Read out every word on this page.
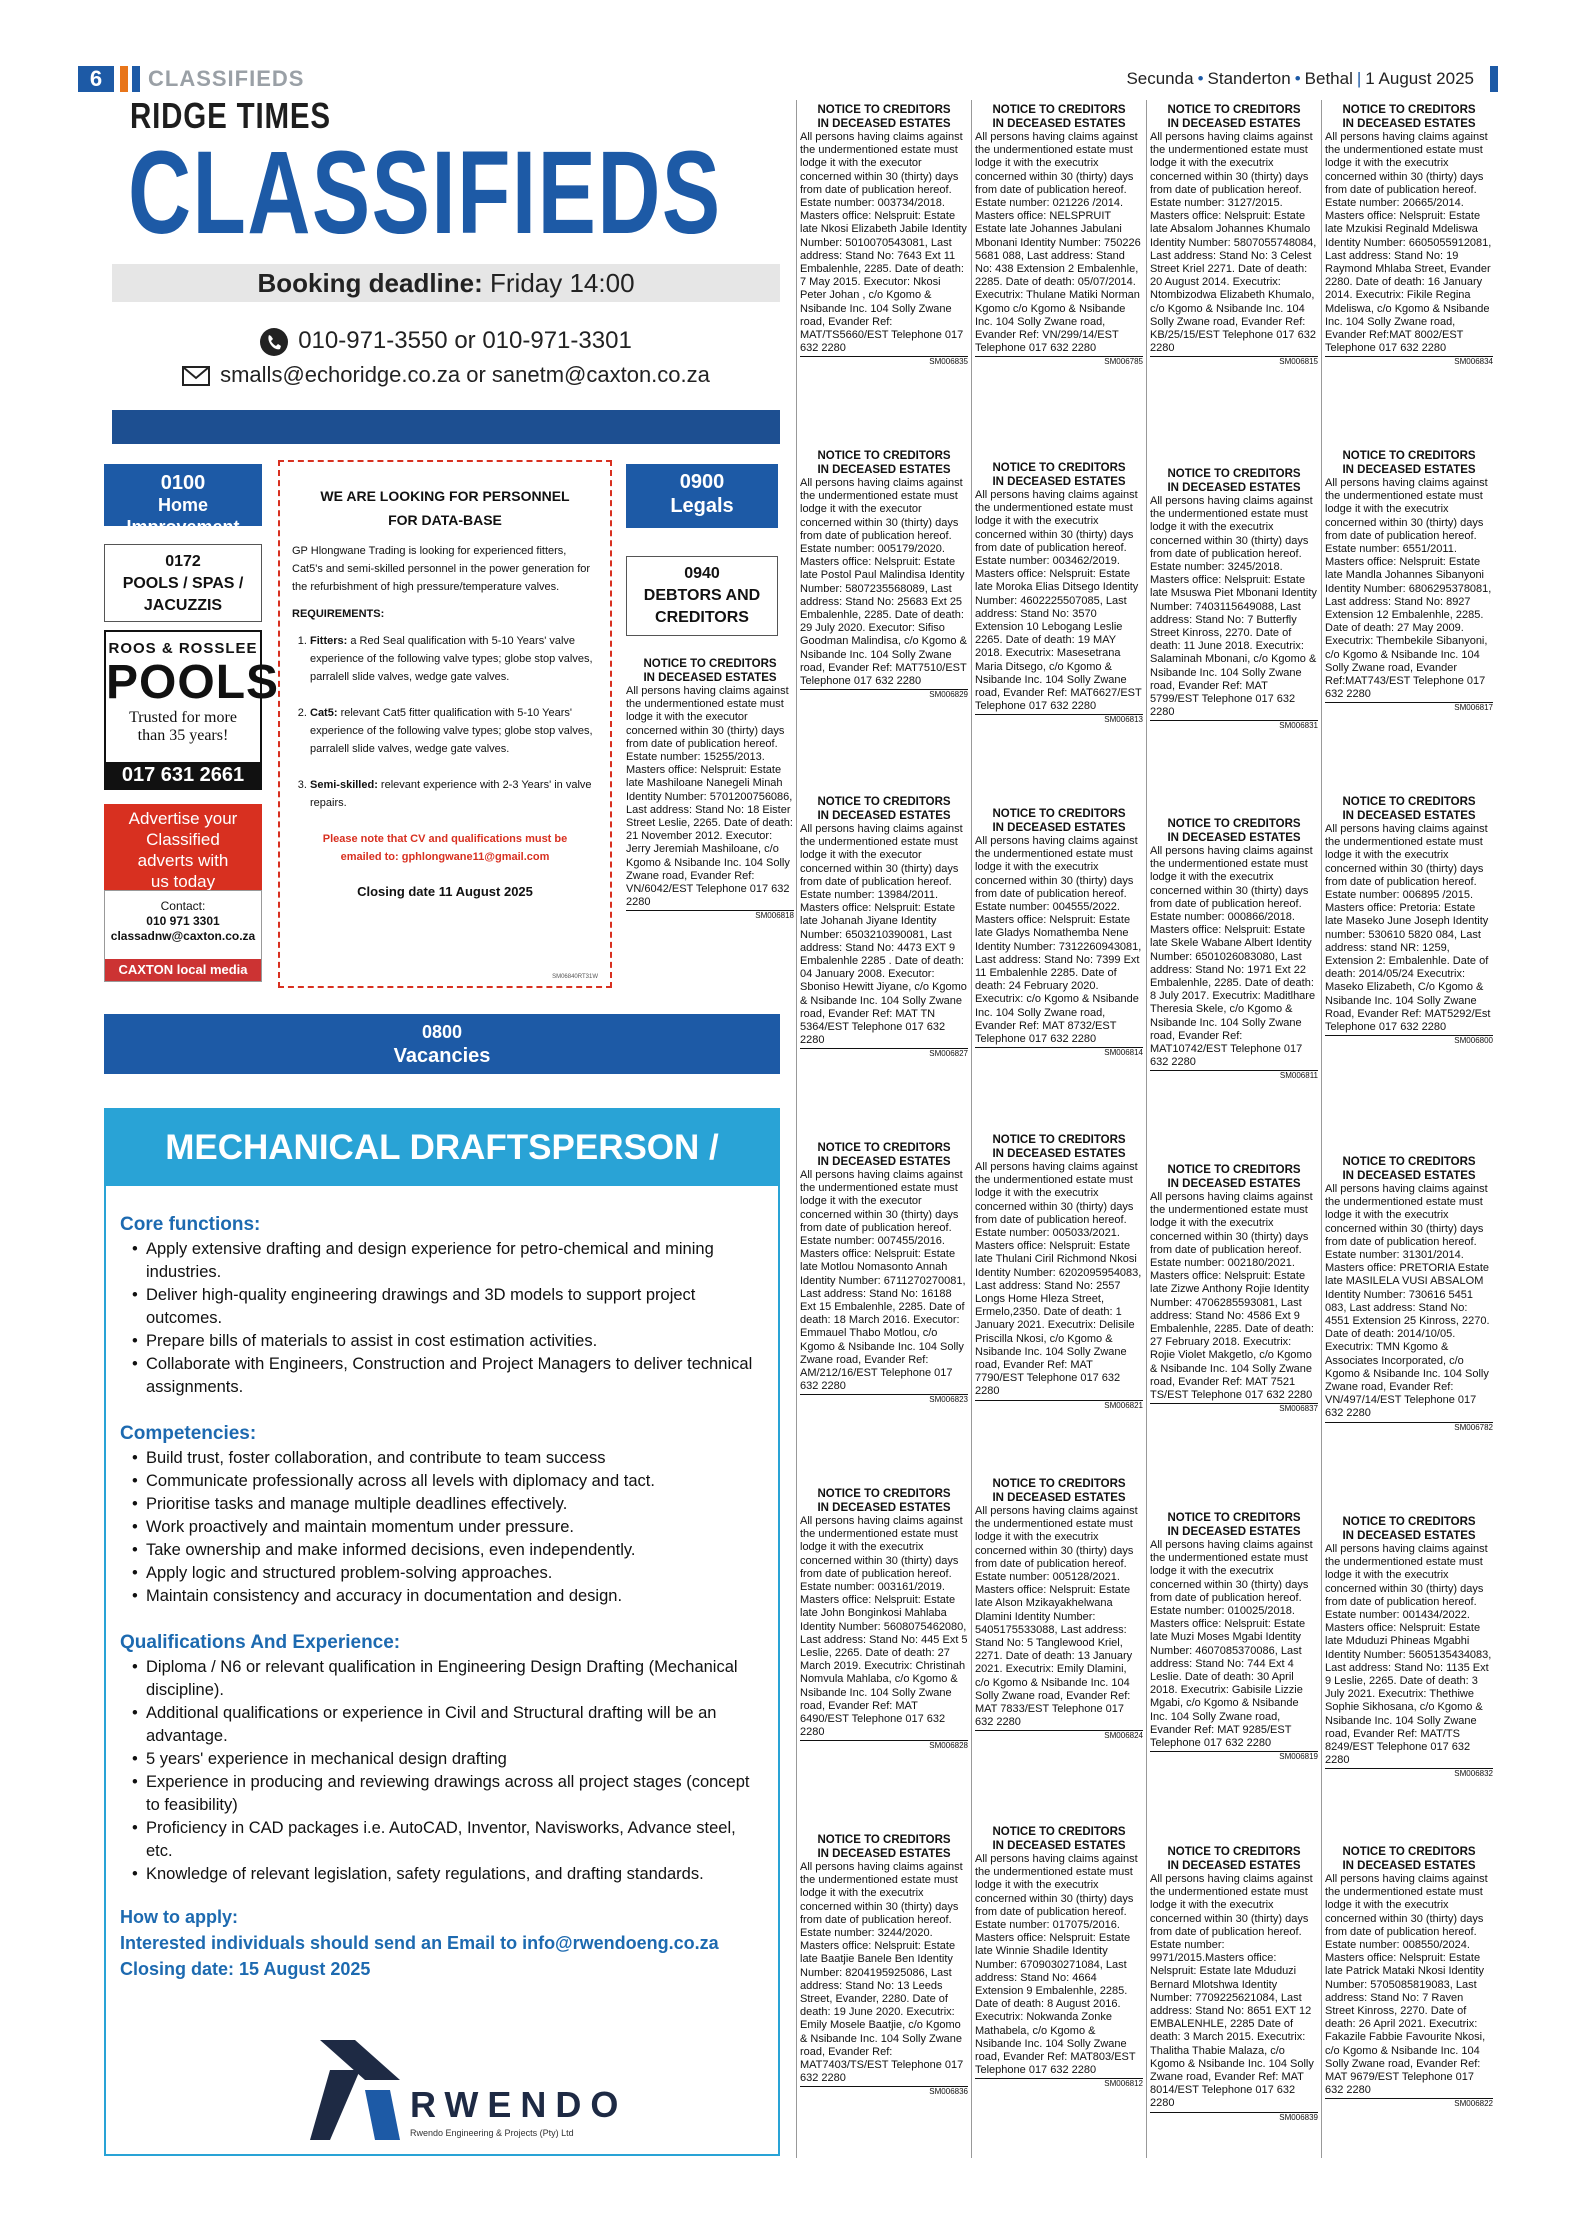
6	CLASSIFIEDS	Secunda • Standerton • Bethal | 1 August 2025
RIDGE TIMES
CLASSIFIEDS
Booking deadline: Friday 14:00
010-971-3550 or 010-971-3301
smalls@echoridge.co.za or sanetm@caxton.co.za
0100
Home Improvement
0172
POOLS / SPAS /
JACUZZIS
ROOS & ROSSLEE
POOLS
Trusted for more
than 35 years!
017 631 2661
Advertise your
Classified
adverts with
us today
Contact:
010 971 3301
classadnw@caxton.co.za
CAXTON local media
WE ARE LOOKING FOR PERSONNEL
FOR DATA-BASE

GP Hlongwane Trading is looking for experienced fitters, Cat5's and semi-skilled personnel in the power generation for the refurbishment of high pressure/temperature valves.

REQUIREMENTS:
1. Fitters: a Red Seal qualification with 5-10 Years' valve experience of the following valve types; globe stop valves, parralell slide valves, wedge gate valves.
2. Cat5: relevant Cat5 fitter qualification with 5-10 Years' experience of the following valve types; globe stop valves, parralell slide valves, wedge gate valves.
3. Semi-skilled: relevant experience with 2-3 Years' in valve repairs.
Please note that CV and qualifications must be
emailed to: gphlongwane11@gmail.com
Closing date 11 August 2025
SM06840RT31W
0900
Legals
0940
DEBTORS AND
CREDITORS
0800
Vacancies
MECHANICAL DRAFTSPERSON / DESIGNER
Core functions:
• Apply extensive drafting and design experience for petro-chemical and mining industries.
• Deliver high-quality engineering drawings and 3D models to support project outcomes.
• Prepare bills of materials to assist in cost estimation activities.
• Collaborate with Engineers, Construction and Project Managers to deliver technical assignments.
Competencies:
• Build trust, foster collaboration, and contribute to team success
• Communicate professionally across all levels with diplomacy and tact.
• Prioritise tasks and manage multiple deadlines effectively.
• Work proactively and maintain momentum under pressure.
• Take ownership and make informed decisions, even independently.
• Apply logic and structured problem-solving approaches.
• Maintain consistency and accuracy in documentation and design.
Qualifications And Experience:
• Diploma / N6 or relevant qualification in Engineering Design Drafting (Mechanical discipline).
• Additional qualifications or experience in Civil and Structural drafting will be an advantage.
• 5 years' experience in mechanical design drafting
• Experience in producing and reviewing drawings across all project stages (concept to feasibility)
• Proficiency in CAD packages i.e. AutoCAD, Inventor, Navisworks, Advance steel, etc.
• Knowledge of relevant legislation, safety regulations, and drafting standards.
How to apply:
Interested individuals should send an Email to info@rwendoeng.co.za
Closing date: 15 August 2025
RWENDO
Rwendo Engineering & Projects (Pty) Ltd
NOTICE TO CREDITORS
IN DECEASED ESTATES
All persons having claims against the undermentioned estate must lodge it with the executor concerned within 30 (thirty) days from date of publication hereof. Estate number: 15255/2013. Masters office: Nelspruit: Estate late Mashiloane Nanegeli Minah Identity Number: 5701200756086, Last address: Stand No: 18 Eister Street Leslie, 2265. Date of death: 21 November 2012. Executor: Jerry Jeremiah Mashiloane, c/o Kgomo & Nsibande Inc. 104 Solly Zwane road, Evander Ref: VN/6042/EST Telephone 017 632 2280
SM006818
NOTICE TO CREDITORS
IN DECEASED ESTATES
All persons having claims against the undermentioned estate must lodge it with the executor concerned within 30 (thirty) days from date of publication hereof. Estate number: 003734/2018. Masters office: Nelspruit: Estate late Nkosi Elizabeth Jabile Identity Number: 5010070543081, Last address: Stand No: 7643 Ext 11 Embalenhle, 2285. Date of death: 7 May 2015. Executor: Nkosi Peter Johan , c/o Kgomo & Nsibande Inc. 104 Solly Zwane road, Evander Ref: MAT/TS5660/EST Telephone 017 632 2280
SM006835
NOTICE TO CREDITORS
IN DECEASED ESTATES
All persons having claims against the undermentioned estate must lodge it with the executor concerned within 30 (thirty) days from date of publication hereof. Estate number: 005179/2020. Masters office: Nelspruit: Estate late Postol Paul Malindisa Identity Number: 5807235568089, Last address: Stand No: 25683 Ext 25 Embalenhle, 2285. Date of death: 29 July 2020. Executor: Sifiso Goodman Malindisa, c/o Kgomo & Nsibande Inc. 104 Solly Zwane road, Evander Ref: MAT7510/EST Telephone 017 632 2280
SM006829
NOTICE TO CREDITORS
IN DECEASED ESTATES
All persons having claims against the undermentioned estate must lodge it with the executor concerned within 30 (thirty) days from date of publication hereof. Estate number: 13984/2011. Masters office: Nelspruit: Estate late Johanah Jiyane Identity Number: 6503210390081, Last address: Stand No: 4473 EXT 9 Embalenhle 2285 . Date of death: 04 January 2008. Executor: Sboniso Hewitt Jiyane, c/o Kgomo & Nsibande Inc. 104 Solly Zwane road, Evander Ref: MAT TN 5364/EST Telephone 017 632 2280
SM006827
NOTICE TO CREDITORS
IN DECEASED ESTATES
All persons having claims against the undermentioned estate must lodge it with the executor concerned within 30 (thirty) days from date of publication hereof. Estate number: 007455/2016. Masters office: Nelspruit: Estate late Motlou Nomasonto Annah Identity Number: 6711270270081, Last address: Stand No: 16188 Ext 15 Embalenhle, 2285. Date of death: 18 March 2016. Executor: Emmauel Thabo Motlou, c/o Kgomo & Nsibande Inc. 104 Solly Zwane road, Evander Ref: AM/212/16/EST Telephone 017 632 2280
SM006823
NOTICE TO CREDITORS
IN DECEASED ESTATES
All persons having claims against the undermentioned estate must lodge it with the executrix concerned within 30 (thirty) days from date of publication hereof. Estate number: 003161/2019. Masters office: Nelspruit: Estate late John Bonginkosi Mahlaba Identity Number: 5608075462080, Last address: Stand No: 445 Ext 5 Leslie, 2265. Date of death: 27 March 2019. Executrix: Christinah Nomvula Mahlaba, c/o Kgomo & Nsibande Inc. 104 Solly Zwane road, Evander Ref: MAT 6490/EST Telephone 017 632 2280
SM006828
NOTICE TO CREDITORS
IN DECEASED ESTATES
All persons having claims against the undermentioned estate must lodge it with the executrix concerned within 30 (thirty) days from date of publication hereof. Estate number: 3244/2020. Masters office: Nelspruit: Estate late Baatjie Banele Ben Identity Number: 8204195925086, Last address: Stand No: 13 Leeds Street, Evander, 2280. Date of death: 19 June 2020. Executrix: Emily Mosele Baatjie, c/o Kgomo & Nsibande Inc. 104 Solly Zwane road, Evander Ref: MAT7403/TS/EST Telephone 017 632 2280
SM006836
NOTICE TO CREDITORS
IN DECEASED ESTATES
All persons having claims against the undermentioned estate must lodge it with the executrix concerned within 30 (thirty) days from date of publication hereof. Estate number: 021226 /2014. Masters office: NELSPRUIT Estate late Johannes Jabulani Mbonani Identity Number: 750226 5681 088, Last address: Stand No: 438 Extension 2 Embalenhle, 2285. Date of death: 05/07/2014. Executrix: Thulane Matiki Norman Kgomo c/o Kgomo & Nsibande Inc. 104 Solly Zwane road, Evander Ref: VN/299/14/EST Telephone 017 632 2280
SM006785
NOTICE TO CREDITORS
IN DECEASED ESTATES
All persons having claims against the undermentioned estate must lodge it with the executrix concerned within 30 (thirty) days from date of publication hereof. Estate number: 003462/2019. Masters office: Nelspruit: Estate late Moroka Elias Ditsego Identity Number: 4602225507085, Last address: Stand No: 3570 Extension 10 Lebogang Leslie 2265. Date of death: 19 MAY 2018. Executrix: Masesetrana Maria Ditsego, c/o Kgomo & Nsibande Inc. 104 Solly Zwane road, Evander Ref: MAT6627/EST Telephone 017 632 2280
SM006813
NOTICE TO CREDITORS
IN DECEASED ESTATES
All persons having claims against the undermentioned estate must lodge it with the executrix concerned within 30 (thirty) days from date of publication hereof. Estate number: 004555/2022. Masters office: Nelspruit: Estate late Gladys Nomathemba Nene Identity Number: 7312260943081, Last address: Stand No: 7399 Ext 11 Embalenhle 2285. Date of death: 24 February 2020. Executrix: c/o Kgomo & Nsibande Inc. 104 Solly Zwane road, Evander Ref: MAT 8732/EST Telephone 017 632 2280
SM006814
NOTICE TO CREDITORS
IN DECEASED ESTATES
All persons having claims against the undermentioned estate must lodge it with the executrix concerned within 30 (thirty) days from date of publication hereof. Estate number: 005033/2021. Masters office: Nelspruit: Estate late Thulani Ciril Richmond Nkosi Identity Number: 6202095954083, Last address: Stand No: 2557 Longs Home Hleza Street, Ermelo,2350. Date of death: 1 January 2021. Executrix: Delisile Priscilla Nkosi, c/o Kgomo & Nsibande Inc. 104 Solly Zwane road, Evander Ref: MAT 7790/EST Telephone 017 632 2280
SM006821
NOTICE TO CREDITORS
IN DECEASED ESTATES
All persons having claims against the undermentioned estate must lodge it with the executrix concerned within 30 (thirty) days from date of publication hereof. Estate number: 005128/2021. Masters office: Nelspruit: Estate late Alson Mzikayakhelwana Dlamini Identity Number: 5405175533088, Last address: Stand No: 5 Tanglewood Kriel, 2271. Date of death: 13 January 2021. Executrix: Emily Dlamini, c/o Kgomo & Nsibande Inc. 104 Solly Zwane road, Evander Ref: MAT 7833/EST Telephone 017 632 2280
SM006824
NOTICE TO CREDITORS
IN DECEASED ESTATES
All persons having claims against the undermentioned estate must lodge it with the executrix concerned within 30 (thirty) days from date of publication hereof. Estate number: 017075/2016. Masters office: Nelspruit: Estate late Winnie Shadile Identity Number: 6709030271084, Last address: Stand No: 4664 Extension 9 Embalenhle, 2285. Date of death: 8 August 2016. Executrix: Nokwanda Zonke Mathabela, c/o Kgomo & Nsibande Inc. 104 Solly Zwane road, Evander Ref: MAT803/EST Telephone 017 632 2280
SM006812
NOTICE TO CREDITORS
IN DECEASED ESTATES
All persons having claims against the undermentioned estate must lodge it with the executrix concerned within 30 (thirty) days from date of publication hereof. Estate number: 3127/2015. Masters office: Nelspruit: Estate late Absalom Johannes Khumalo Identity Number: 5807055748084, Last address: Stand No: 3 Celest Street Kriel 2271. Date of death: 20 August 2014. Executrix: Ntombizodwa Elizabeth Khumalo, c/o Kgomo & Nsibande Inc. 104 Solly Zwane road, Evander Ref: KB/25/15/EST Telephone 017 632 2280
SM006815
NOTICE TO CREDITORS
IN DECEASED ESTATES
All persons having claims against the undermentioned estate must lodge it with the executrix concerned within 30 (thirty) days from date of publication hereof. Estate number: 3245/2018. Masters office: Nelspruit: Estate late Msuswa Piet Mbonani Identity Number: 7403115649088, Last address: Stand No: 7 Butterfly Street Kinross, 2270. Date of death: 11 June 2018. Executrix: Salaminah Mbonani, c/o Kgomo & Nsibande Inc. 104 Solly Zwane road, Evander Ref: MAT 5799/EST Telephone 017 632 2280
SM006831
NOTICE TO CREDITORS
IN DECEASED ESTATES
All persons having claims against the undermentioned estate must lodge it with the executrix concerned within 30 (thirty) days from date of publication hereof. Estate number: 000866/2018. Masters office: Nelspruit: Estate late Skele Wabane Albert Identity Number: 6501026083080, Last address: Stand No: 1971 Ext 22 Embalenhle, 2285. Date of death: 8 July 2017. Executrix: Maditlhare Theresia Skele, c/o Kgomo & Nsibande Inc. 104 Solly Zwane road, Evander Ref: MAT10742/EST Telephone 017 632 2280
SM006811
NOTICE TO CREDITORS
IN DECEASED ESTATES
All persons having claims against the undermentioned estate must lodge it with the executrix concerned within 30 (thirty) days from date of publication hereof. Estate number: 002180/2021. Masters office: Nelspruit: Estate late Zizwe Anthony Rojie Identity Number: 4706285593081, Last address: Stand No: 4586 Ext 9 Embalenhle, 2285. Date of death: 27 February 2018. Executrix: Rojie Violet Makgetlo, c/o Kgomo & Nsibande Inc. 104 Solly Zwane road, Evander Ref: MAT 7521 TS/EST Telephone 017 632 2280
SM006837
NOTICE TO CREDITORS
IN DECEASED ESTATES
All persons having claims against the undermentioned estate must lodge it with the executrix concerned within 30 (thirty) days from date of publication hereof. Estate number: 010025/2018. Masters office: Nelspruit: Estate late Muzi Moses Mgabi Identity Number: 4607085370086, Last address: Stand No: 744 Ext 4 Leslie. Date of death: 30 April 2018. Executrix: Gabisile Lizzie Mgabi, c/o Kgomo & Nsibande Inc. 104 Solly Zwane road, Evander Ref: MAT 9285/EST Telephone 017 632 2280
SM006819
NOTICE TO CREDITORS
IN DECEASED ESTATES
All persons having claims against the undermentioned estate must lodge it with the executrix concerned within 30 (thirty) days from date of publication hereof. Estate number: 9971/2015.Masters office: Nelspruit: Estate late Mduduzi Bernard Mlotshwa Identity Number: 7709225621084, Last address: Stand No: 8651 EXT 12 EMBALENHLE, 2285 Date of death: 3 March 2015. Executrix: Thalitha Thabie Malaza, c/o Kgomo & Nsibande Inc. 104 Solly Zwane road, Evander Ref: MAT 8014/EST Telephone 017 632 2280
SM006839
NOTICE TO CREDITORS
IN DECEASED ESTATES
All persons having claims against the undermentioned estate must lodge it with the executrix concerned within 30 (thirty) days from date of publication hereof. Estate number: 20665/2014. Masters office: Nelspruit: Estate late Mzukisi Reginald Mdeliswa Identity Number: 6605055912081, Last address: Stand No: 19 Raymond Mhlaba Street, Evander 2280. Date of death: 16 January 2014. Executrix: Fikile Regina Mdeliswa, c/o Kgomo & Nsibande Inc. 104 Solly Zwane road, Evander Ref:MAT 8002/EST Telephone 017 632 2280
SM006834
NOTICE TO CREDITORS
IN DECEASED ESTATES
All persons having claims against the undermentioned estate must lodge it with the executrix concerned within 30 (thirty) days from date of publication hereof. Estate number: 6551/2011. Masters office: Nelspruit: Estate late Mandla Johannes Sibanyoni Identity Number: 6806295378081, Last address: Stand No: 8927 Extension 12 Embalenhle, 2285. Date of death: 27 May 2009. Executrix: Thembekile Sibanyoni, c/o Kgomo & Nsibande Inc. 104 Solly Zwane road, Evander Ref:MAT743/EST Telephone 017 632 2280
SM006817
NOTICE TO CREDITORS
IN DECEASED ESTATES
All persons having claims against the undermentioned estate must lodge it with the executrix concerned within 30 (thirty) days from date of publication hereof. Estate number: 006895 /2015. Masters office: Pretoria: Estate late Maseko June Joseph Identity number: 530610 5820 084, Last address: stand NR: 1259, Extension 2: Embalenhle. Date of death: 2014/05/24 Executrix: Maseko Elizabeth, C/o Kgomo & Nsibande Inc. 104 Solly Zwane Road, Evander Ref: MAT5292/Est Telephone 017 632 2280
SM006800
NOTICE TO CREDITORS
IN DECEASED ESTATES
All persons having claims against the undermentioned estate must lodge it with the executrix concerned within 30 (thirty) days from date of publication hereof. Estate number: 31301/2014. Masters office: PRETORIA Estate late MASILELA VUSI ABSALOM Identity Number: 730616 5451 083, Last address: Stand No: 4551 Extension 25 Kinross, 2270. Date of death: 2014/10/05. Executrix: TMN Kgomo & Associates Incorporated, c/o Kgomo & Nsibande Inc. 104 Solly Zwane road, Evander Ref: VN/497/14/EST Telephone 017 632 2280
SM006782
NOTICE TO CREDITORS
IN DECEASED ESTATES
All persons having claims against the undermentioned estate must lodge it with the executrix concerned within 30 (thirty) days from date of publication hereof. Estate number: 001434/2022. Masters office: Nelspruit: Estate late Mduduzi Phineas Mgabhi Identity Number: 5605135434083, Last address: Stand No: 1135 Ext 9 Leslie, 2265. Date of death: 3 July 2021. Executrix: Thethiwe Sophie Sikhosana, c/o Kgomo & Nsibande Inc. 104 Solly Zwane road, Evander Ref: MAT/TS 8249/EST Telephone 017 632 2280
SM006832
NOTICE TO CREDITORS
IN DECEASED ESTATES
All persons having claims against the undermentioned estate must lodge it with the executrix concerned within 30 (thirty) days from date of publication hereof. Estate number: 008550/2024. Masters office: Nelspruit: Estate late Patrick Mataki Nkosi Identity Number: 5705085819083, Last address: Stand No: 7 Raven Street Kinross, 2270. Date of death: 26 April 2021. Executrix: Fakazile Fabbie Favourite Nkosi, c/o Kgomo & Nsibande Inc. 104 Solly Zwane road, Evander Ref: MAT 9679/EST Telephone 017 632 2280
SM006822
